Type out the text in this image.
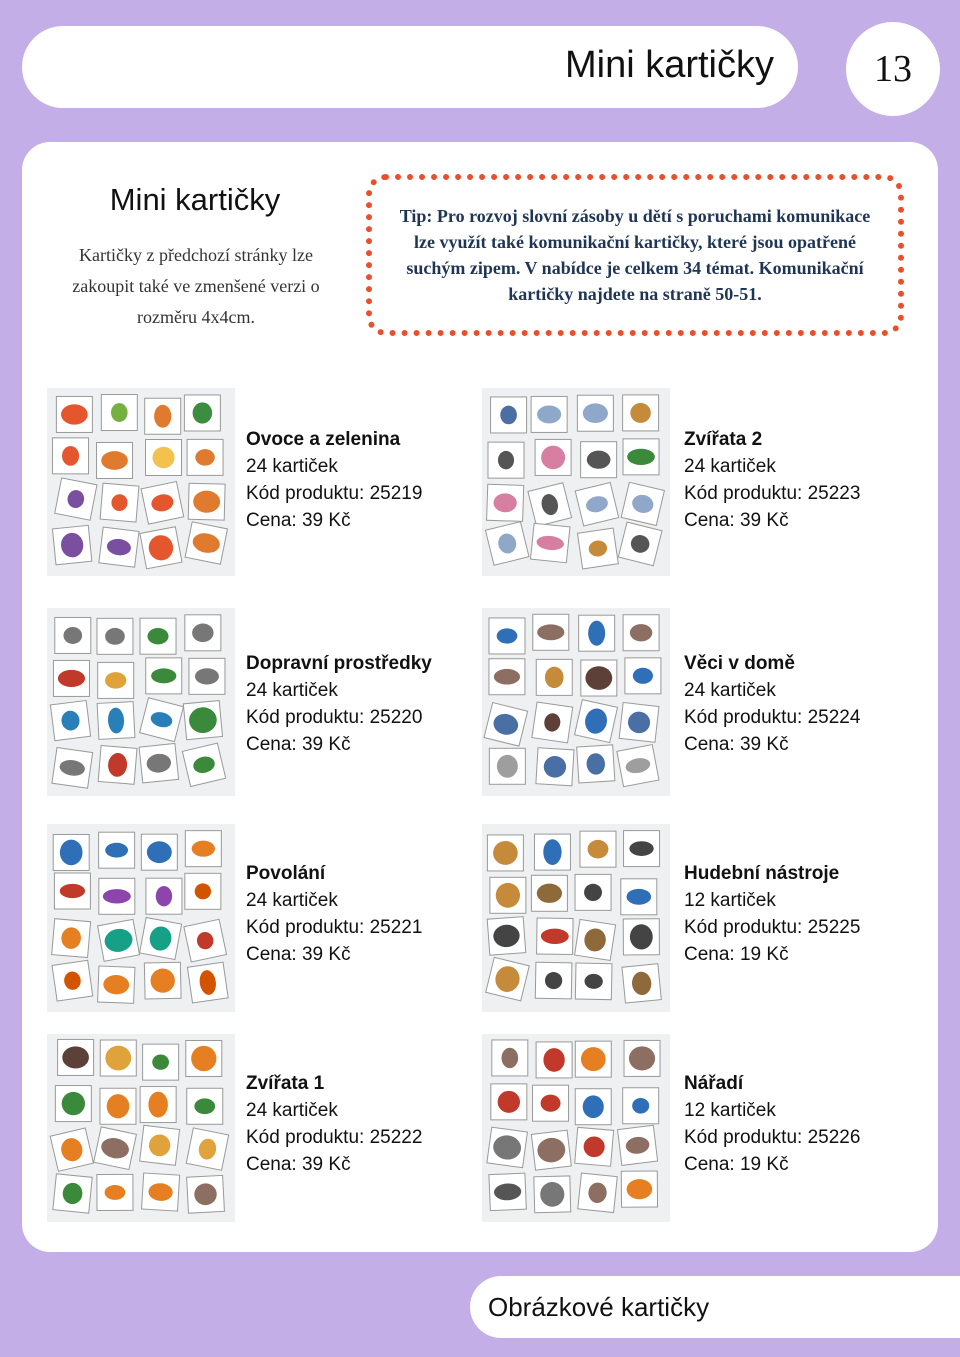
Mini kartičky	13
Mini kartičky
Kartičky z předchozí stránky lze zakoupit také ve zmenšené verzi o rozměru 4x4cm.
Tip: Pro rozvoj slovní zásoby u dětí s poruchami komunikace lze využít také komunikační kartičky, které jsou opatřené suchým zipem. V nabídce je celkem 34 témat. Komunikační kartičky najdete na straně 50-51.
Ovoce a zelenina
24 kartiček
Kód produktu: 25219
Cena: 39 Kč
Zvířata 2
24 kartiček
Kód produktu: 25223
Cena: 39 Kč
Dopravní prostředky
24 kartiček
Kód produktu: 25220
Cena: 39 Kč
Věci v domě
24 kartiček
Kód produktu: 25224
Cena: 39 Kč
Povolání
24 kartiček
Kód produktu: 25221
Cena: 39 Kč
Hudební nástroje
12 kartiček
Kód produktu: 25225
Cena: 19 Kč
Zvířata 1
24 kartiček
Kód produktu: 25222
Cena: 39 Kč
Nářadí
12 kartiček
Kód produktu: 25226
Cena: 19 Kč
Obrázkové kartičky
